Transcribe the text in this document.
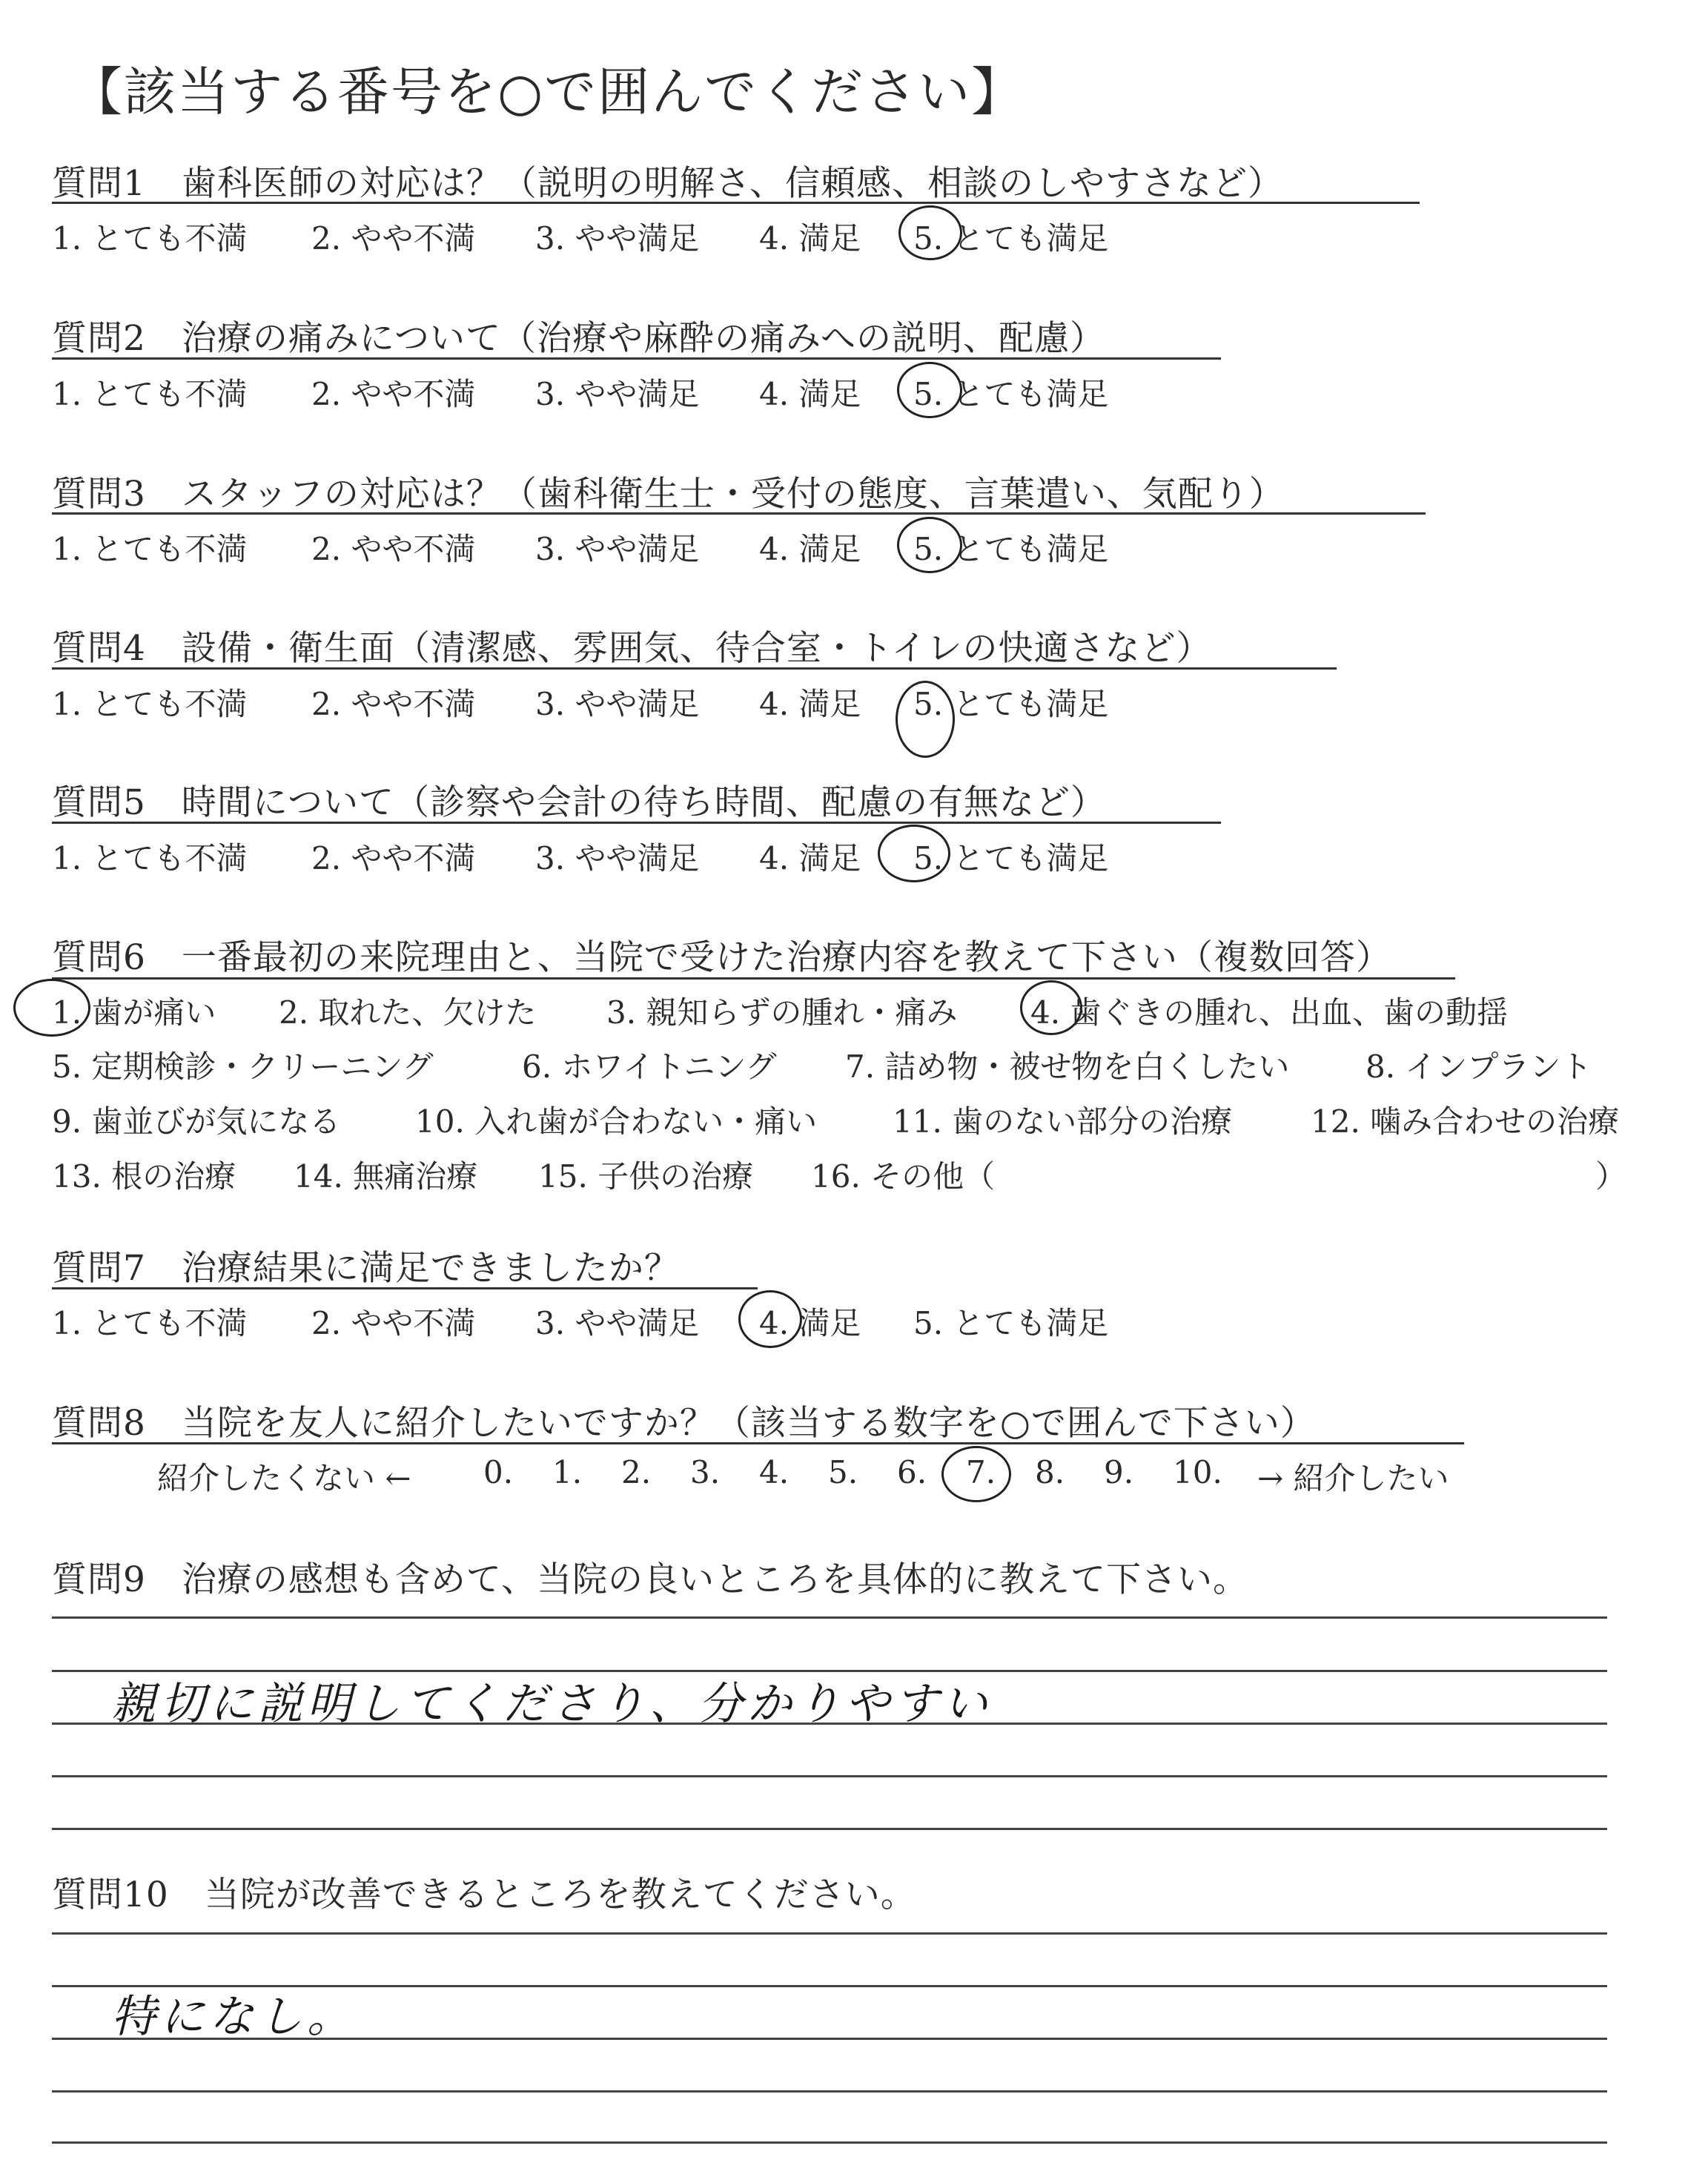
【該当する番号を○で囲んでください】
質問1　歯科医師の対応は？（説明の明解さ、信頼感、相談のしやすさなど）
1. とても不満 2. やや不満 3. やや満足 4. 満足 5. とても満足
質問2　治療の痛みについて（治療や麻酔の痛みへの説明、配慮）
1. とても不満 2. やや不満 3. やや満足 4. 満足 5. とても満足
質問3　スタッフの対応は？（歯科衛生士・受付の態度、言葉遣い、気配り）
1. とても不満 2. やや不満 3. やや満足 4. 満足 5. とても満足
質問4　設備・衛生面（清潔感、雰囲気、待合室・トイレの快適さなど）
1. とても不満 2. やや不満 3. やや満足 4. 満足 5. とても満足
質問5　時間について（診察や会計の待ち時間、配慮の有無など）
1. とても不満 2. やや不満 3. やや満足 4. 満足 5. とても満足
質問6　一番最初の来院理由と、当院で受けた治療内容を教えて下さい（複数回答）
1. 歯が痛い 2. 取れた、欠けた 3. 親知らずの腫れ・痛み 4. 歯ぐきの腫れ、出血、歯の動揺
5. 定期検診・クリーニング	6. ホワイトニング 7. 詰め物・被せ物を白くしたい 8. インプラント
9. 歯並びが気になる 10. 入れ歯が合わない・痛い 11. 歯のない部分の治療	12. 噛み合わせの治療
13. 根の治療 14. 無痛治療 15. 子供の治療 16. その他（	）
質問7　治療結果に満足できましたか？
1. とても不満 2. やや不満 3. やや満足 4. 満足 5. とても満足
質問8　当院を友人に紹介したいですか？（該当する数字を○で囲んで下さい）
紹介したくない ← 0. 1. 2. 3. 4. 5. 6. 7. 8. 9. 10. → 紹介したい
質問9　治療の感想も含めて、当院の良いところを具体的に教えて下さい。
親切に説明してくださり、分かりやすい
質問10　当院が改善できるところを教えてください。
特になし。
